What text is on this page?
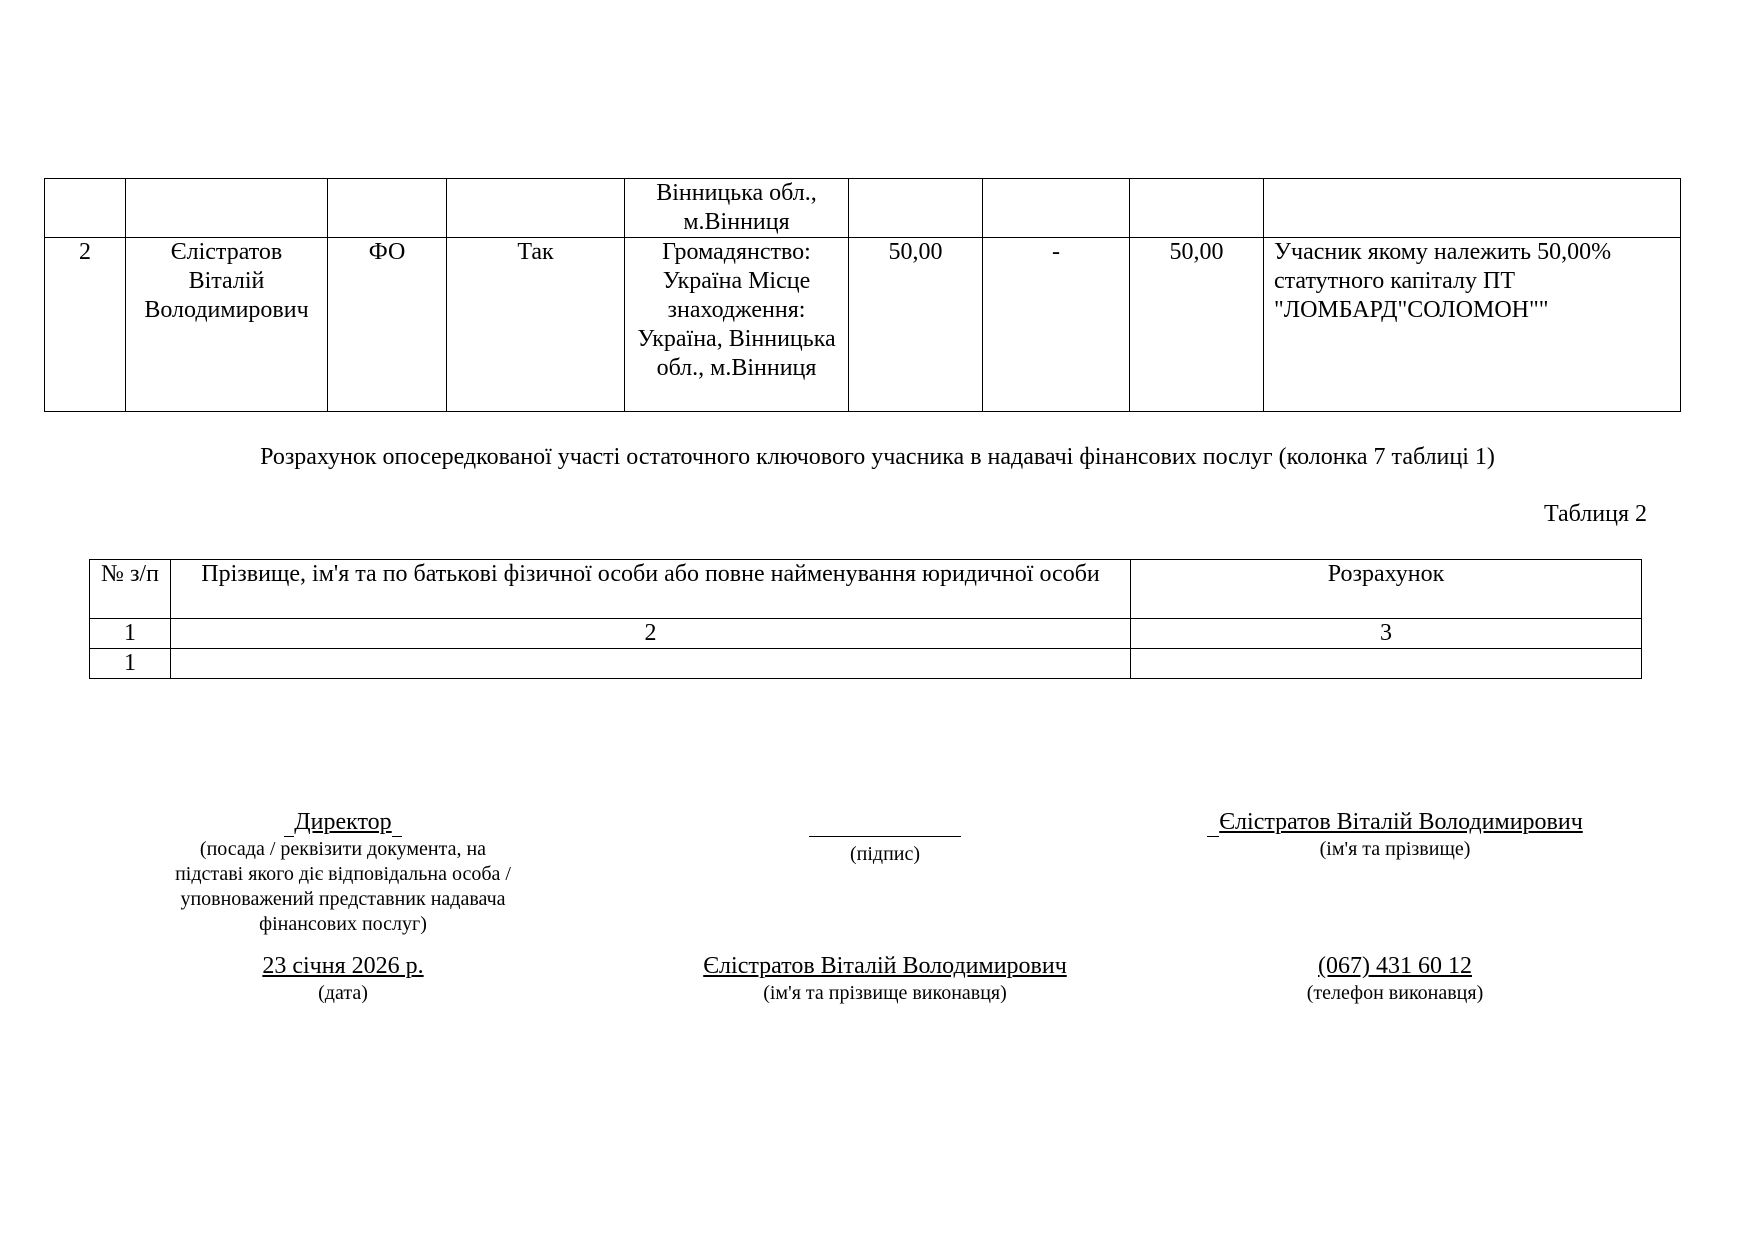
				Вінницька обл., м.Вінниця				
2	Єлістратов Віталій Володимирович	ФО	Так	Громадянство: Україна Місце знаходження: Україна, Вінницька обл., м.Вінниця	50,00	-	50,00	Учасник якому належить 50,00% статутного капіталу ПТ "ЛОМБАРД"СОЛОМОН""
Розрахунок опосередкованої участі остаточного ключового учасника в надавачі фінансових послуг (колонка 7 таблиці 1)
Таблиця 2
№ з/п	Прізвище, ім'я та по батькові фізичної особи або повне найменування юридичної особи	Розрахунок
1	2	3
1		
Директор
(посада / реквізити документа, на підставі якого діє відповідальна особа / уповноважений представник надавача фінансових послуг)
(підпис)
Єлістратов Віталій Володимирович
(ім'я та прізвище)
23 січня 2026 р.
(дата)
Єлістратов Віталій Володимирович
(ім'я та прізвище виконавця)
(067) 431 60 12
(телефон виконавця)
